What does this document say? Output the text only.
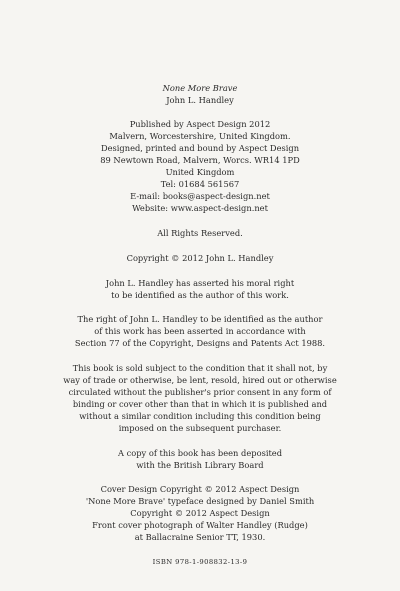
None More Brave
John L. Handley
Published by Aspect Design 2012
Malvern, Worcestershire, United Kingdom.
Designed, printed and bound by Aspect Design
89 Newtown Road, Malvern, Worcs. WR14 1PD
United Kingdom
Tel: 01684 561567
E-mail: books@aspect-design.net
Website: www.aspect-design.net
All Rights Reserved.
Copyright © 2012 John L. Handley
John L. Handley has asserted his moral right
to be identified as the author of this work.
The right of John L. Handley to be identified as the author
of this work has been asserted in accordance with
Section 77 of the Copyright, Designs and Patents Act 1988.
This book is sold subject to the condition that it shall not, by
way of trade or otherwise, be lent, resold, hired out or otherwise
circulated without the publisher's prior consent in any form of
binding or cover other than that in which it is published and
without a similar condition including this condition being
imposed on the subsequent purchaser.
A copy of this book has been deposited
with the British Library Board
Cover Design Copyright © 2012 Aspect Design
'None More Brave' typeface designed by Daniel Smith
Copyright © 2012 Aspect Design
Front cover photograph of Walter Handley (Rudge)
at Ballacraine Senior TT, 1930.
ISBN 978-1-908832-13-9
